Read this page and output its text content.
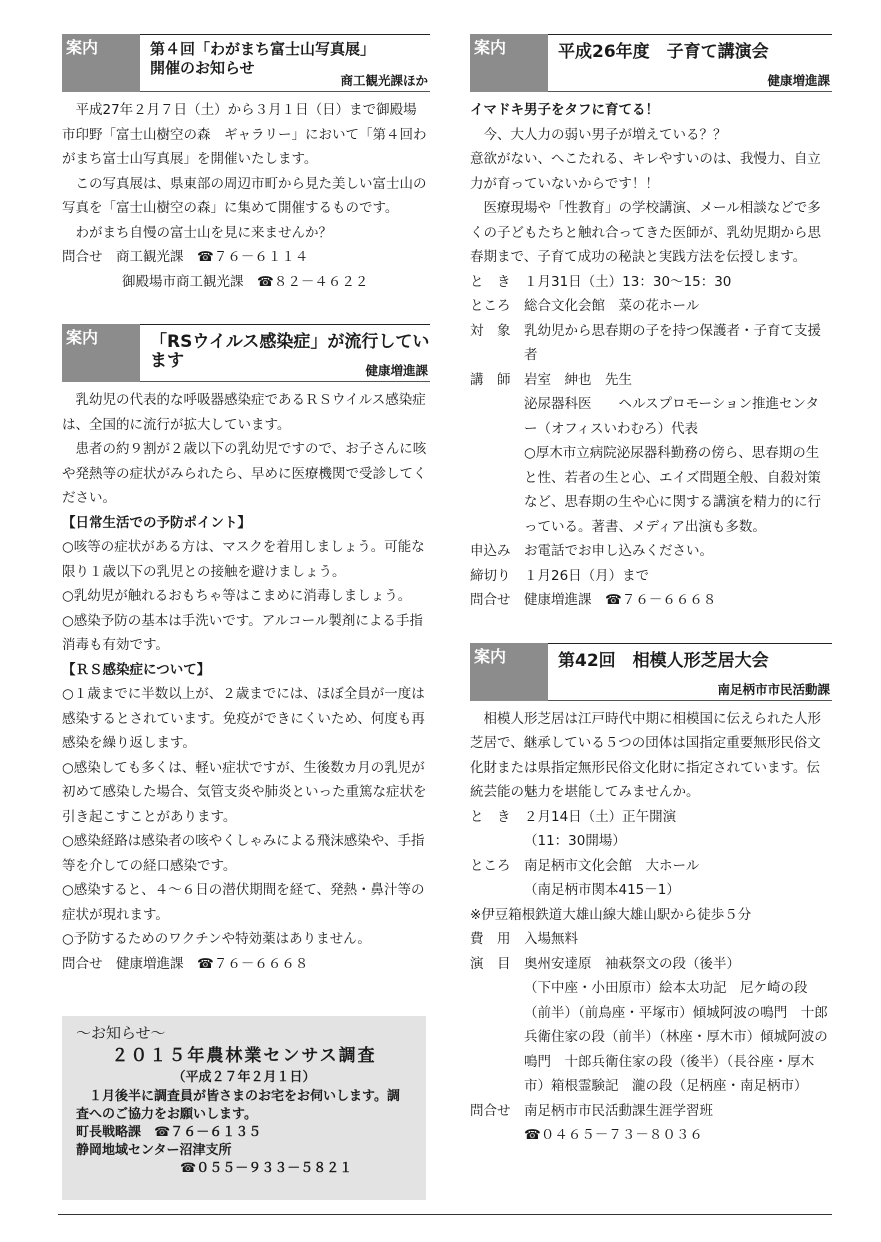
案内	第４回「わがまち富士山写真展」
開催のお知らせ
商工観光課ほか

平成27年２月７日（土）から３月１日（日）まで御殿場市印野「富士山樹空の森　ギャラリー」において「第４回わがまち富士山写真展」を開催いたします。

この写真展は、県東部の周辺市町から見た美しい富士山の写真を「富士山樹空の森」に集めて開催するものです。

わがまち自慢の富士山を見に来ませんか？

問合せ	商工観光課　☎７６－６１１４
御殿場市商工観光課　☎８２－４６２２
案内	「RSウイルス感染症」が流行しています	健康増進課

乳幼児の代表的な呼吸器感染症であるＲＳウイルス感染症は、全国的に流行が拡大しています。

患者の約９割が２歳以下の乳幼児ですので、お子さんに咳や発熱等の症状がみられたら、早めに医療機関で受診してください。

【日常生活での予防ポイント】

○咳等の症状がある方は、マスクを着用しましょう。可能な限り１歳以下の乳児との接触を避けましょう。

○乳幼児が触れるおもちゃ等はこまめに消毒しましょう。

○感染予防の基本は手洗いです。アルコール製剤による手指消毒も有効です。

【ＲＳ感染症について】

○１歳までに半数以上が、２歳までには、ほぼ全員が一度は感染するとされています。免疫ができにくいため、何度も再感染を繰り返します。

○感染しても多くは、軽い症状ですが、生後数カ月の乳児が初めて感染した場合、気管支炎や肺炎といった重篤な症状を引き起こすことがあります。

○感染経路は感染者の咳やくしゃみによる飛沫感染や、手指等を介しての経口感染です。

○感染すると、４～６日の潜伏期間を経て、発熱・鼻汁等の症状が現れます。

○予防するためのワクチンや特効薬はありません。

問合せ	健康増進課　☎７６－６６６８
～お知らせ～
２０１５年農林業センサス調査
（平成２７年２月１日）
１月後半に調査員が皆さまのお宅をお伺いします。調査へのご協力をお願いします。
町長戦略課　☎７６－６１３５
静岡地域センター沼津支所
☎０５５－９３３－５８２１
案内	平成26年度　子育て講演会
健康増進課

イマドキ男子をタフに育てる！

今、大人力の弱い男子が増えている？？

意欲がない、へこたれる、キレやすいのは、我慢力、自立力が育っていないからです！！

医療現場や「性教育」の学校講演、メール相談などで多くの子どもたちと触れ合ってきた医師が、乳幼児期から思春期まで、子育て成功の秘訣と実践方法を伝授します。

と　き	１月31日（土）13：30～15：30
ところ	総合文化会館　菜の花ホール
対　象	乳幼児から思春期の子を持つ保護者・子育て支援者
講　師	岩室　紳也　先生
泌尿器科医　　ヘルスプロモーション推進センター（オフィスいわむろ）代表
○厚木市立病院泌尿器科勤務の傍ら、思春期の生と性、若者の生と心、エイズ問題全般、自殺対策など、思春期の生や心に関する講演を精力的に行っている。著書、メディア出演も多数。
申込み	お電話でお申し込みください。
締切り	１月26日（月）まで
問合せ	健康増進課　☎７６－６６６８
案内	第42回　相模人形芝居大会
南足柄市市民活動課

相模人形芝居は江戸時代中期に相模国に伝えられた人形芝居で、継承している５つの団体は国指定重要無形民俗文化財または県指定無形民俗文化財に指定されています。伝統芸能の魅力を堪能してみませんか。

と　き	２月14日（土）正午開演
（11：30開場）
ところ	南足柄市文化会館　大ホール
（南足柄市関本415－1）

※伊豆箱根鉄道大雄山線大雄山駅から徒歩５分

費　用	入場無料
演　目	奥州安達原　袖萩祭文の段（後半）
（下中座・小田原市）絵本太功記　尼ケ崎の段（前半）（前鳥座・平塚市）傾城阿波の鳴門　十郎兵衛住家の段（前半）（林座・厚木市）傾城阿波の鳴門　十郎兵衛住家の段（後半）（長谷座・厚木市）箱根霊験記　瀧の段（足柄座・南足柄市）
問合せ	南足柄市市民活動課生涯学習班
☎０４６５－７３－８０３６
